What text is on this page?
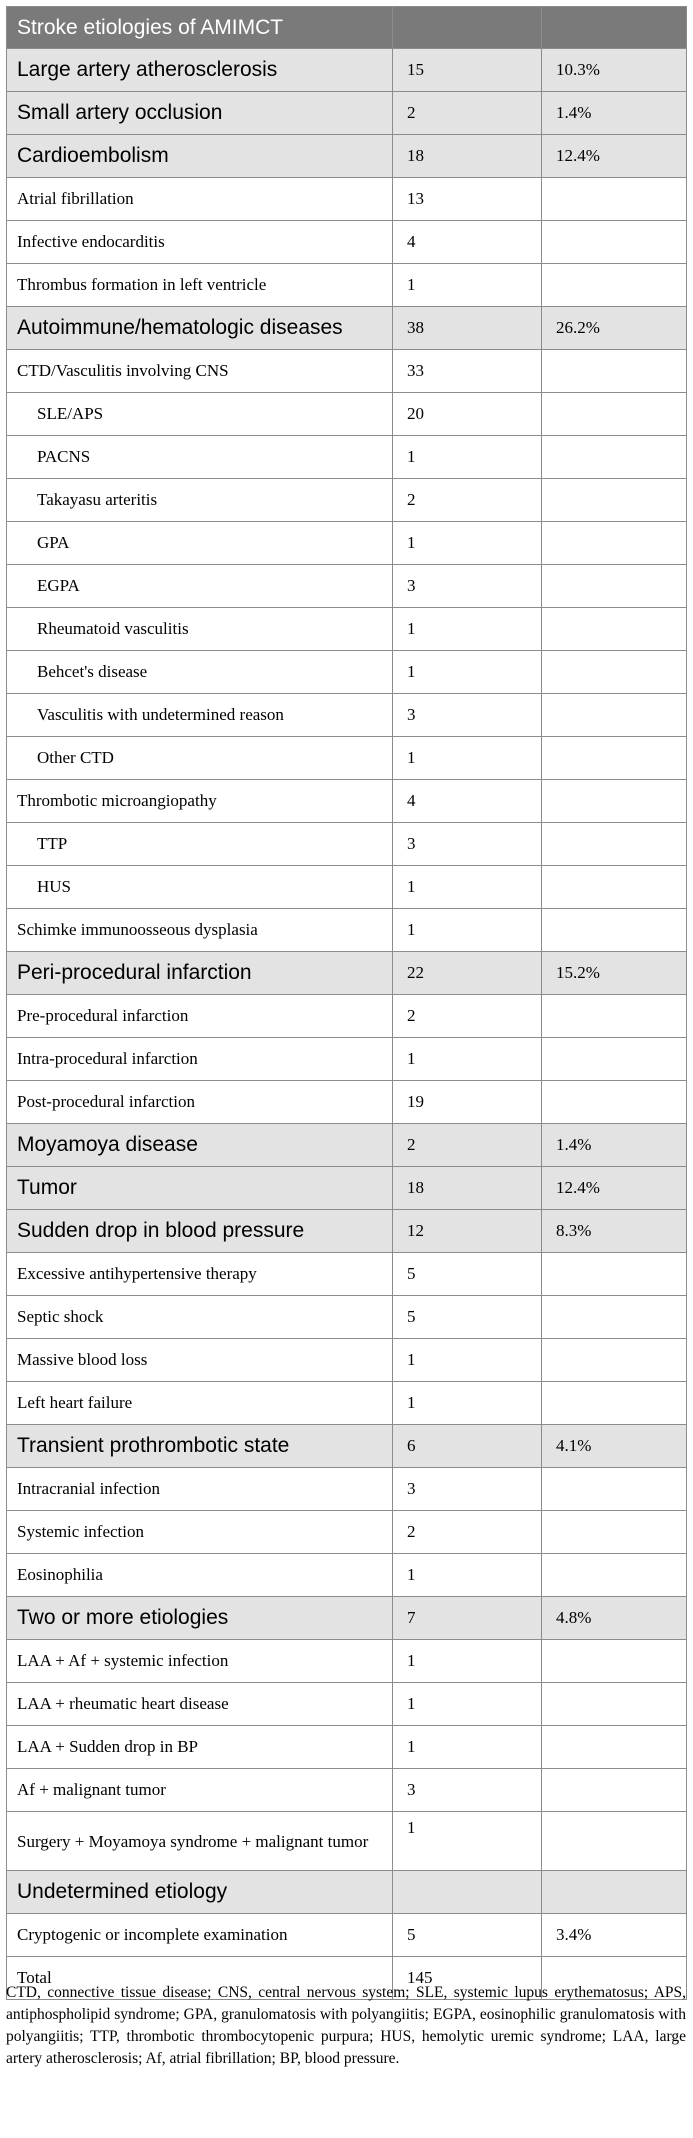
Stroke etiologies of AMIMCT		
Large artery atherosclerosis	15	10.3%
Small artery occlusion	2	1.4%
Cardioembolism	18	12.4%
Atrial fibrillation	13	
Infective endocarditis	4	
Thrombus formation in left ventricle	1	
Autoimmune/hematologic diseases	38	26.2%
CTD/Vasculitis involving CNS	33	
SLE/APS	20	
PACNS	1	
Takayasu arteritis	2	
GPA	1	
EGPA	3	
Rheumatoid vasculitis	1	
Behcet's disease	1	
Vasculitis with undetermined reason	3	
Other CTD	1	
Thrombotic microangiopathy	4	
TTP	3	
HUS	1	
Schimke immunoosseous dysplasia	1	
Peri-procedural infarction	22	15.2%
Pre-procedural infarction	2	
Intra-procedural infarction	1	
Post-procedural infarction	19	
Moyamoya disease	2	1.4%
Tumor	18	12.4%
Sudden drop in blood pressure	12	8.3%
Excessive antihypertensive therapy	5	
Septic shock	5	
Massive blood loss	1	
Left heart failure	1	
Transient prothrombotic state	6	4.1%
Intracranial infection	3	
Systemic infection	2	
Eosinophilia	1	
Two or more etiologies	7	4.8%
LAA + Af + systemic infection	1	
LAA + rheumatic heart disease	1	
LAA + Sudden drop in BP	1	
Af + malignant tumor	3	
Surgery + Moyamoya syndrome + malignant tumor	1	
Undetermined etiology		
Cryptogenic or incomplete examination	5	3.4%
Total	145	
CTD, connective tissue disease; CNS, central nervous system; SLE, systemic lupus erythematosus; APS, antiphospholipid syndrome; GPA, granulomatosis with polyangiitis; EGPA, eosinophilic granulomatosis with polyangiitis; TTP, thrombotic thrombocytopenic purpura; HUS, hemolytic uremic syndrome; LAA, large artery atherosclerosis; Af, atrial fibrillation; BP, blood pressure.
